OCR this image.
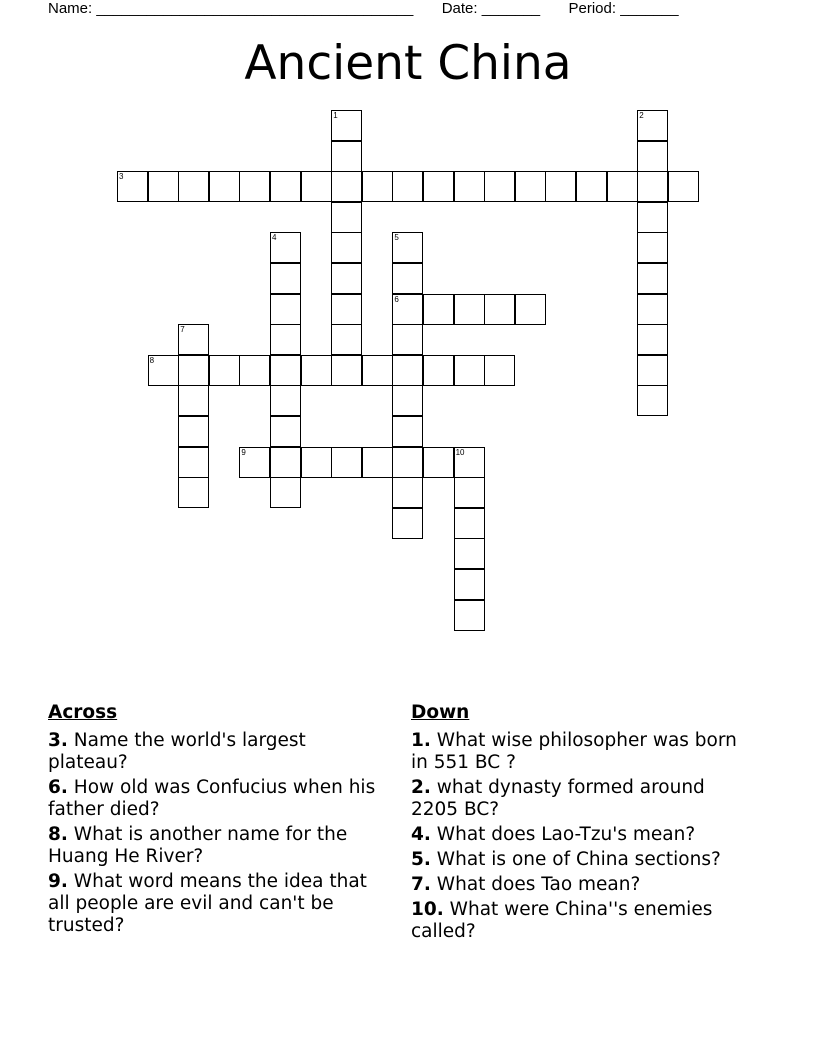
Name: ______________________________________ Date: _______ Period: _______
Ancient China
1	2
3
4	5
6
7
8
9	10
Across
3. Name the world's largest plateau?
6. How old was Confucius when his father died?
8. What is another name for the Huang He River?
9. What word means the idea that all people are evil and can't be trusted?
Down
1. What wise philosopher was born in 551 BC ?
2. what dynasty formed around 2205 BC?
4. What does Lao-Tzu's mean?
5. What is one of China sections?
7. What does Tao mean?
10. What were China''s enemies called?
